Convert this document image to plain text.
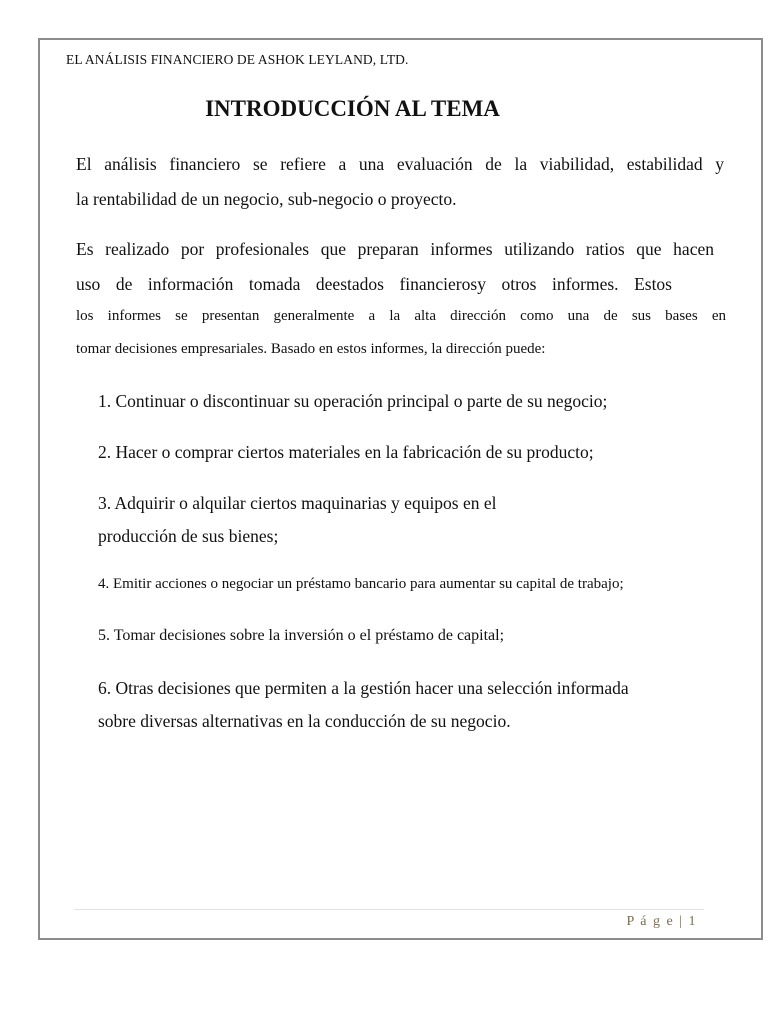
EL ANÁLISIS FINANCIERO DE ASHOK LEYLAND, LTD.
INTRODUCCIÓN AL TEMA
El análisis financiero se refiere a una evaluación de la viabilidad, estabilidad y
la rentabilidad de un negocio, sub-negocio o proyecto.
Es realizado por profesionales que preparan informes utilizando ratios que hacen
uso de información tomada deestados financierosy otros informes. Estos
los informes se presentan generalmente a la alta dirección como una de sus bases en
tomar decisiones empresariales. Basado en estos informes, la dirección puede:
1. Continuar o discontinuar su operación principal o parte de su negocio;
2. Hacer o comprar ciertos materiales en la fabricación de su producto;
3. Adquirir o alquilar ciertos maquinarias y equipos en el
producción de sus bienes;
4. Emitir acciones o negociar un préstamo bancario para aumentar su capital de trabajo;
5. Tomar decisiones sobre la inversión o el préstamo de capital;
6. Otras decisiones que permiten a la gestión hacer una selección informada
sobre diversas alternativas en la conducción de su negocio.
P á g e | 1
